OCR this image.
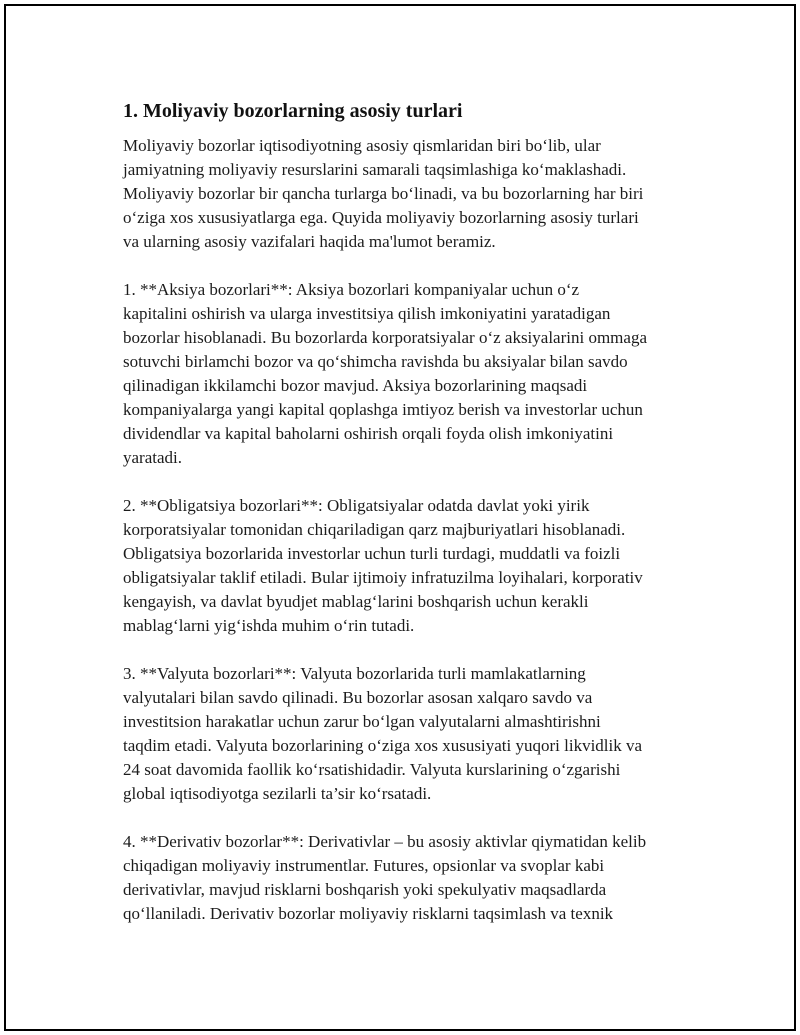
1. Moliyaviy bozorlarning asosiy turlari

Moliyaviy bozorlar iqtisodiyotning asosiy qismlaridan biri bo‘lib, ular
jamiyatning moliyaviy resurslarini samarali taqsimlashiga ko‘maklashadi.
Moliyaviy bozorlar bir qancha turlarga bo‘linadi, va bu bozorlarning har biri
o‘ziga xos xususiyatlarga ega. Quyida moliyaviy bozorlarning asosiy turlari
va ularning asosiy vazifalari haqida ma'lumot beramiz.

1. **Aksiya bozorlari**: Aksiya bozorlari kompaniyalar uchun o‘z
kapitalini oshirish va ularga investitsiya qilish imkoniyatini yaratadigan
bozorlar hisoblanadi. Bu bozorlarda korporatsiyalar o‘z aksiyalarini ommaga
sotuvchi birlamchi bozor va qo‘shimcha ravishda bu aksiyalar bilan savdo
qilinadigan ikkilamchi bozor mavjud. Aksiya bozorlarining maqsadi
kompaniyalarga yangi kapital qoplashga imtiyoz berish va investorlar uchun
dividendlar va kapital baholarni oshirish orqali foyda olish imkoniyatini
yaratadi.

2. **Obligatsiya bozorlari**: Obligatsiyalar odatda davlat yoki yirik
korporatsiyalar tomonidan chiqariladigan qarz majburiyatlari hisoblanadi.
Obligatsiya bozorlarida investorlar uchun turli turdagi, muddatli va foizli
obligatsiyalar taklif etiladi. Bular ijtimoiy infratuzilma loyihalari, korporativ
kengayish, va davlat byudjet mablag‘larini boshqarish uchun kerakli
mablag‘larni yig‘ishda muhim o‘rin tutadi.

3. **Valyuta bozorlari**: Valyuta bozorlarida turli mamlakatlarning
valyutalari bilan savdo qilinadi. Bu bozorlar asosan xalqaro savdo va
investitsion harakatlar uchun zarur bo‘lgan valyutalarni almashtirishni
taqdim etadi. Valyuta bozorlarining o‘ziga xos xususiyati yuqori likvidlik va
24 soat davomida faollik ko‘rsatishidadir. Valyuta kurslarining o‘zgarishi
global iqtisodiyotga sezilarli ta’sir ko‘rsatadi.

4. **Derivativ bozorlar**: Derivativlar – bu asosiy aktivlar qiymatidan kelib
chiqadigan moliyaviy instrumentlar. Futures, opsionlar va svoplar kabi
derivativlar, mavjud risklarni boshqarish yoki spekulyativ maqsadlarda
qo‘llaniladi. Derivativ bozorlar moliyaviy risklarni taqsimlash va texnik
